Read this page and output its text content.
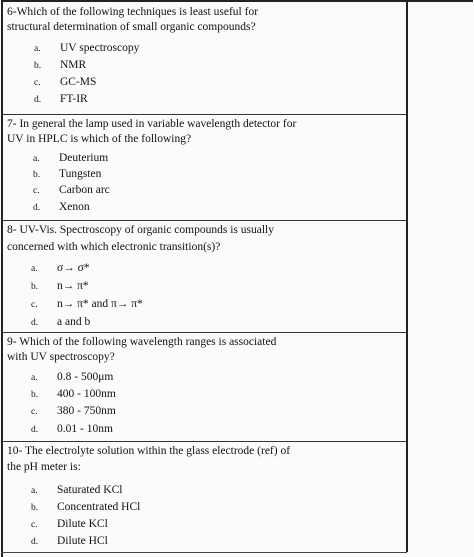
6-Which of the following techniques is least useful for
structural determination of small organic compounds?
a. UV spectroscopy
b. NMR
c. GC-MS
d. FT-IR
7- In general the lamp used in variable wavelength detector for
UV in HPLC is which of the following?
a. Deuterium
b. Tungsten
c. Carbon arc
d. Xenon
8- UV-Vis. Spectroscopy of organic compounds is usually
concerned with which electronic transition(s)?
a. σ→ σ*
b. n→ π*
c. n→ π* and π→ π*
d. a and b
9- Which of the following wavelength ranges is associated
with UV spectroscopy?
a. 0.8 - 500μm
b. 400 - 100nm
c. 380 - 750nm
d. 0.01 - 10nm
10- The electrolyte solution within the glass electrode (ref) of
the pH meter is:
a. Saturated KCl
b. Concentrated HCl
c. Dilute KCl
d. Dilute HCl
